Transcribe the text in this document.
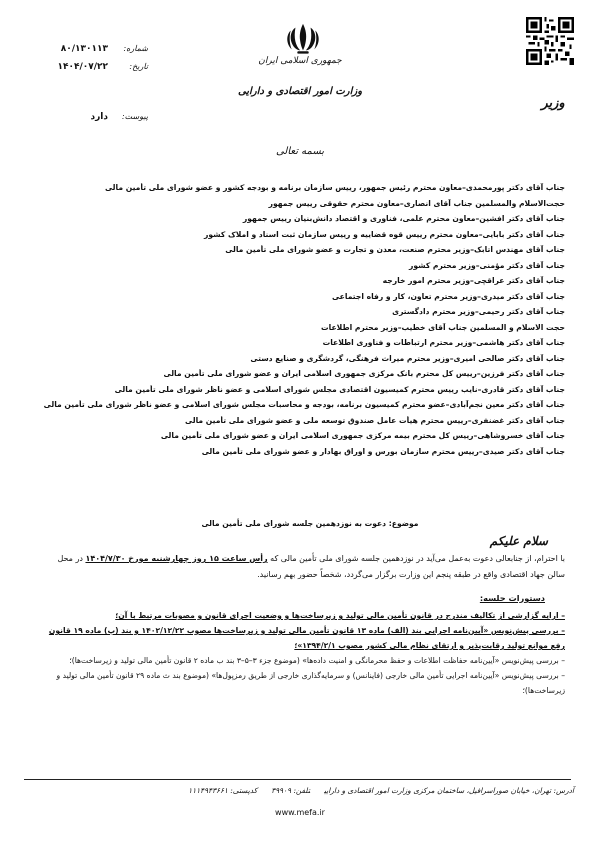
جمهوری اسلامی ایران
وزارت امور اقتصادی و دارایی
وزیر
شماره:
۸۰/۱۳۰۱۱۳
تاریخ:
۱۴۰۴/۰۷/۲۲
پیوست:
دارد
بسمه تعالی
جناب آقای دکتر پورمحمدی–معاون محترم رئیس جمهور، رییس سازمان برنامه و بودجه کشور و عضو شورای ملی تأمین مالی
حجت‌الاسلام والمسلمین جناب آقای انصاری–معاون محترم حقوقی رییس جمهور
جناب آقای دکتر افشین–معاون محترم علمی، فناوری و اقتصاد دانش‌بنیان رییس جمهور
جناب آقای دکتر بابایی–معاون محترم رییس قوه قضاییه و رییس سازمان ثبت اسناد و املاک کشور
جناب آقای مهندس اتابک–وزیر محترم صنعت، معدن و تجارت و عضو شورای ملی تأمین مالی
جناب آقای دکتر مؤمنی–وزیر محترم کشور
جناب آقای دکتر عراقچی–وزیر محترم امور خارجه
جناب آقای دکتر میدری–وزیر محترم تعاون، کار و رفاه اجتماعی
جناب آقای دکتر رحیمی–وزیر محترم دادگستری
حجت الاسلام و المسلمین جناب آقای خطیب–وزیر محترم اطلاعات
جناب آقای دکتر هاشمی–وزیر محترم ارتباطات و فناوری اطلاعات
جناب آقای دکتر صالحی امیری–وزیر محترم میراث فرهنگی، گردشگری و صنایع دستی
جناب آقای دکتر فرزین–رییس کل محترم بانک مرکزی جمهوری اسلامی ایران و عضو شورای ملی تأمین مالی
جناب آقای دکتر قادری–نایب رییس محترم کمیسیون اقتصادی مجلس شورای اسلامی و عضو ناظر شورای ملی تأمین مالی
جناب آقای دکتر معین نجم‌آبادی–عضو محترم کمیسیون برنامه، بودجه و محاسبات مجلس شورای اسلامی و عضو ناظر شورای ملی تأمین مالی
جناب آقای دکتر غضنفری–رییس محترم هیأت عامل صندوق توسعه ملی و عضو شورای ملی تأمین مالی
جناب آقای خسروشاهی–رییس کل محترم بیمه مرکزی جمهوری اسلامی ایران و عضو شورای ملی تأمین مالی
جناب آقای دکتر صیدی–رییس محترم سازمان بورس و اوراق بهادار و عضو شورای ملی تأمین مالی
موضوع: دعوت به نوزدهمین جلسه شورای ملی تأمین مالی
سلام علیکم
با احترام، از جنابعالی دعوت به‌عمل می‌آید در نوزدهمین جلسه شورای ملی تأمین مالی که رأس ساعت ۱۵ روز چهارشنبه مورخ ۱۴۰۴/۷/۳۰ در محل سالن جهاد اقتصادی واقع در طبقه پنجم این وزارت برگزار می‌گردد، شخصاً حضور بهم رسانید.
دستورات جلسه:
– ارایه گزارشی از تکالیف مندرج در قانون تأمین مالی تولید و زیرساخت‌ها و وضعیت اجرای قانون و مصوبات مرتبط با آن؛
– بررسی پیش‌نویس «آیین‌نامه اجرایی بند (الف) ماده ۱۳ قانون تأمین مالی تولید و زیرساخت‌ها مصوب ۱۴۰۲/۱۲/۲۲ و بند (پ) ماده ۱۹ قانون رفع موانع تولید رقابت‌پذیر و ارتقای نظام مالی کشور مصوب ۱۳۹۴/۲/۱»؛
– بررسی پیش‌نویس «آیین‌نامه حفاظت اطلاعات و حفظ محرمانگی و امنیت داده‌ها» (موضوع جزء ۳–۵–۳ بند ب ماده ۲ قانون تأمین مالی تولید و زیرساخت‌ها)؛
– بررسی پیش‌نویس «آیین‌نامه اجرایی تأمین مالی خارجی (فاینانس) و سرمایه‌گذاری خارجی از طریق رمزپول‌ها» (موضوع بند ث ماده ۲۹ قانون تأمین مالی تولید و زیرساخت‌ها)؛
آدرس: تهران، خیابان صوراسرافیل، ساختمان مرکزی وزارت امور اقتصادی و داراییتلفن: ۳۹۹۰۹کدپستی: ۱۱۱۴۹۴۳۶۶۱
www.mefa.ir
